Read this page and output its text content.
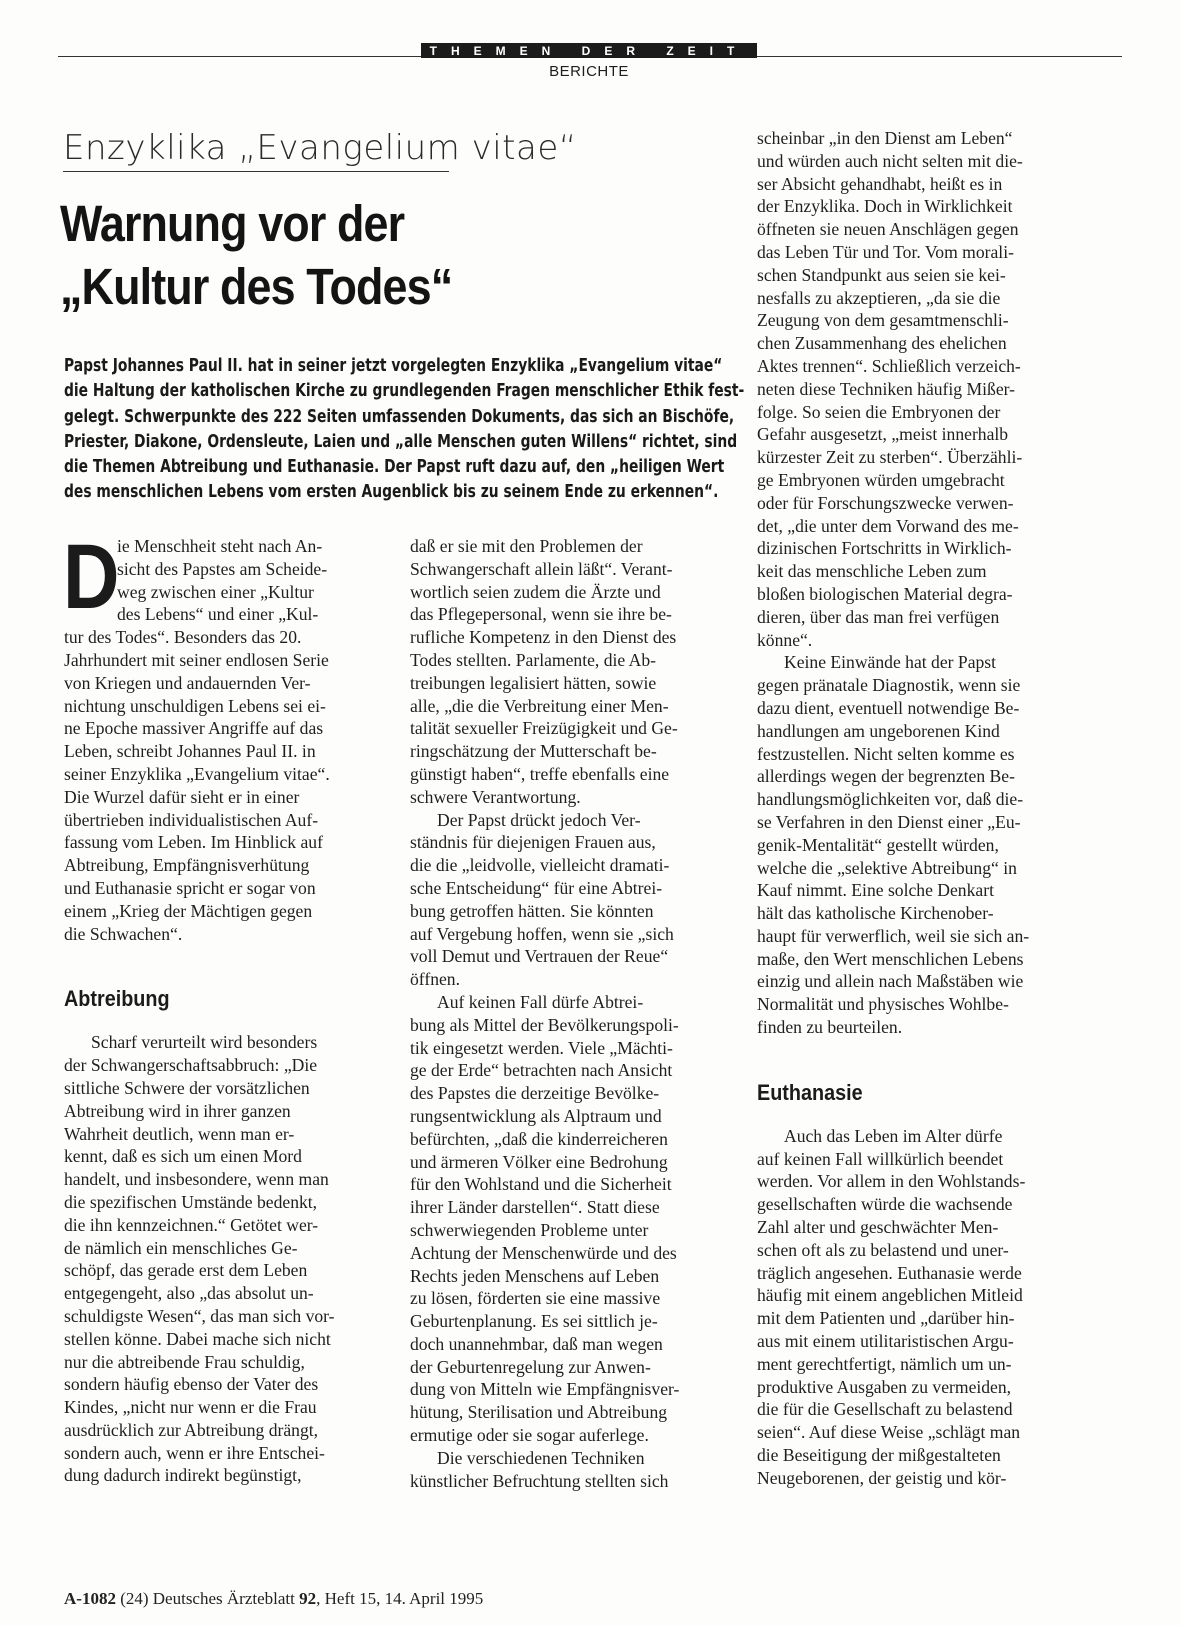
THEMEN DER ZEIT
BERICHTE
Enzyklika „Evangelium vitae“
Warnung vor der
„Kultur des Todes“

Papst Johannes Paul II. hat in seiner jetzt vorgelegten Enzyklika „Evangelium vitae“
die Haltung der katholischen Kirche zu grundlegenden Fragen menschlicher Ethik fest-
gelegt. Schwerpunkte des 222 Seiten umfassenden Dokuments, das sich an Bischöfe,
Priester, Diakone, Ordensleute, Laien und „alle Menschen guten Willens“ richtet, sind
die Themen Abtreibung und Euthanasie. Der Papst ruft dazu auf, den „heiligen Wert
des menschlichen Lebens vom ersten Augenblick bis zu seinem Ende zu erkennen“.

D
ie Menschheit steht nach An-
sicht des Papstes am Scheide-
weg zwischen einer „Kultur
des Lebens“ und einer „Kul-
tur des Todes“. Besonders das 20.
Jahrhundert mit seiner endlosen Serie
von Kriegen und andauernden Ver-
nichtung unschuldigen Lebens sei ei-
ne Epoche massiver Angriffe auf das
Leben, schreibt Johannes Paul II. in
seiner Enzyklika „Evangelium vitae“.
Die Wurzel dafür sieht er in einer
übertrieben individualistischen Auf-
fassung vom Leben. Im Hinblick auf
Abtreibung, Empfängnisverhütung
und Euthanasie spricht er sogar von
einem „Krieg der Mächtigen gegen
die Schwachen“.
Abtreibung
Scharf verurteilt wird besonders
der Schwangerschaftsabbruch: „Die
sittliche Schwere der vorsätzlichen
Abtreibung wird in ihrer ganzen
Wahrheit deutlich, wenn man er-
kennt, daß es sich um einen Mord
handelt, und insbesondere, wenn man
die spezifischen Umstände bedenkt,
die ihn kennzeichnen.“ Getötet wer-
de nämlich ein menschliches Ge-
schöpf, das gerade erst dem Leben
entgegengeht, also „das absolut un-
schuldigste Wesen“, das man sich vor-
stellen könne. Dabei mache sich nicht
nur die abtreibende Frau schuldig,
sondern häufig ebenso der Vater des
Kindes, „nicht nur wenn er die Frau
ausdrücklich zur Abtreibung drängt,
sondern auch, wenn er ihre Entschei-
dung dadurch indirekt begünstigt,
daß er sie mit den Problemen der
Schwangerschaft allein läßt“. Verant-
wortlich seien zudem die Ärzte und
das Pflegepersonal, wenn sie ihre be-
rufliche Kompetenz in den Dienst des
Todes stellten. Parlamente, die Ab-
treibungen legalisiert hätten, sowie
alle, „die die Verbreitung einer Men-
talität sexueller Freizügigkeit und Ge-
ringschätzung der Mutterschaft be-
günstigt haben“, treffe ebenfalls eine
schwere Verantwortung.
Der Papst drückt jedoch Ver-
ständnis für diejenigen Frauen aus,
die die „leidvolle, vielleicht dramati-
sche Entscheidung“ für eine Abtrei-
bung getroffen hätten. Sie könnten
auf Vergebung hoffen, wenn sie „sich
voll Demut und Vertrauen der Reue“
öffnen.
Auf keinen Fall dürfe Abtrei-
bung als Mittel der Bevölkerungspoli-
tik eingesetzt werden. Viele „Mächti-
ge der Erde“ betrachten nach Ansicht
des Papstes die derzeitige Bevölke-
rungsentwicklung als Alptraum und
befürchten, „daß die kinderreicheren
und ärmeren Völker eine Bedrohung
für den Wohlstand und die Sicherheit
ihrer Länder darstellen“. Statt diese
schwerwiegenden Probleme unter
Achtung der Menschenwürde und des
Rechts jeden Menschens auf Leben
zu lösen, förderten sie eine massive
Geburtenplanung. Es sei sittlich je-
doch unannehmbar, daß man wegen
der Geburtenregelung zur Anwen-
dung von Mitteln wie Empfängnisver-
hütung, Sterilisation und Abtreibung
ermutige oder sie sogar auferlege.
Die verschiedenen Techniken
künstlicher Befruchtung stellten sich
scheinbar „in den Dienst am Leben“
und würden auch nicht selten mit die-
ser Absicht gehandhabt, heißt es in
der Enzyklika. Doch in Wirklichkeit
öffneten sie neuen Anschlägen gegen
das Leben Tür und Tor. Vom morali-
schen Standpunkt aus seien sie kei-
nesfalls zu akzeptieren, „da sie die
Zeugung von dem gesamtmenschli-
chen Zusammenhang des ehelichen
Aktes trennen“. Schließlich verzeich-
neten diese Techniken häufig Mißer-
folge. So seien die Embryonen der
Gefahr ausgesetzt, „meist innerhalb
kürzester Zeit zu sterben“. Überzähli-
ge Embryonen würden umgebracht
oder für Forschungszwecke verwen-
det, „die unter dem Vorwand des me-
dizinischen Fortschritts in Wirklich-
keit das menschliche Leben zum
bloßen biologischen Material degra-
dieren, über das man frei verfügen
könne“.
Keine Einwände hat der Papst
gegen pränatale Diagnostik, wenn sie
dazu dient, eventuell notwendige Be-
handlungen am ungeborenen Kind
festzustellen. Nicht selten komme es
allerdings wegen der begrenzten Be-
handlungsmöglichkeiten vor, daß die-
se Verfahren in den Dienst einer „Eu-
genik-Mentalität“ gestellt würden,
welche die „selektive Abtreibung“ in
Kauf nimmt. Eine solche Denkart
hält das katholische Kirchenober-
haupt für verwerflich, weil sie sich an-
maße, den Wert menschlichen Lebens
einzig und allein nach Maßstäben wie
Normalität und physisches Wohlbe-
finden zu beurteilen.
Euthanasie
Auch das Leben im Alter dürfe
auf keinen Fall willkürlich beendet
werden. Vor allem in den Wohlstands-
gesellschaften würde die wachsende
Zahl alter und geschwächter Men-
schen oft als zu belastend und uner-
träglich angesehen. Euthanasie werde
häufig mit einem angeblichen Mitleid
mit dem Patienten und „darüber hin-
aus mit einem utilitaristischen Argu-
ment gerechtfertigt, nämlich um un-
produktive Ausgaben zu vermeiden,
die für die Gesellschaft zu belastend
seien“. Auf diese Weise „schlägt man
die Beseitigung der mißgestalteten
Neugeborenen, der geistig und kör-
A-1082 (24) Deutsches Ärzteblatt 92, Heft 15, 14. April 1995
